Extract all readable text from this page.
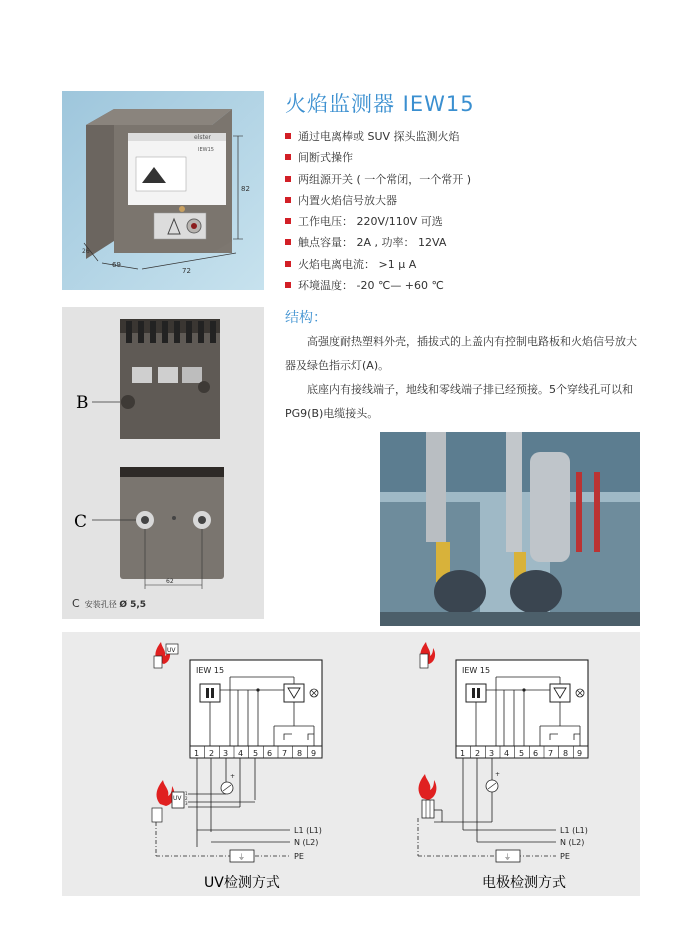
elster
IEW15
82
72
69
26
火焰监测器 IEW15
通过电离棒或 SUV 探头监测火焰
间断式操作
两组源开关 ( 一个常闭，一个常开 )
内置火焰信号放大器
工作电压： 220V/110V 可选
触点容量： 2A , 功率： 12VA
火焰电离电流： >1 μ A
环境温度： -20 ℃— +60 ℃
结构：

高强度耐热塑料外壳，插拔式的上盖内有控制电路板和火焰信号放大器及绿色指示灯(A)。

底座内有接线端子，地线和零线端子排已经预接。5个穿线孔可以和PG9(B)电缆接头。

B
C
62
C 安装孔径 Ø 5,5
UV
IEW 15
1 2 3 4 5 6 7 8 9
+
UV
1
2
3
L1 (L1)
N (L2)
⏚	PE
UV检测方式
IEW 15
1 2 3 4 5 6 7 8 9
+
L1 (L1)
N (L2)
⏚	PE
电极检测方式
